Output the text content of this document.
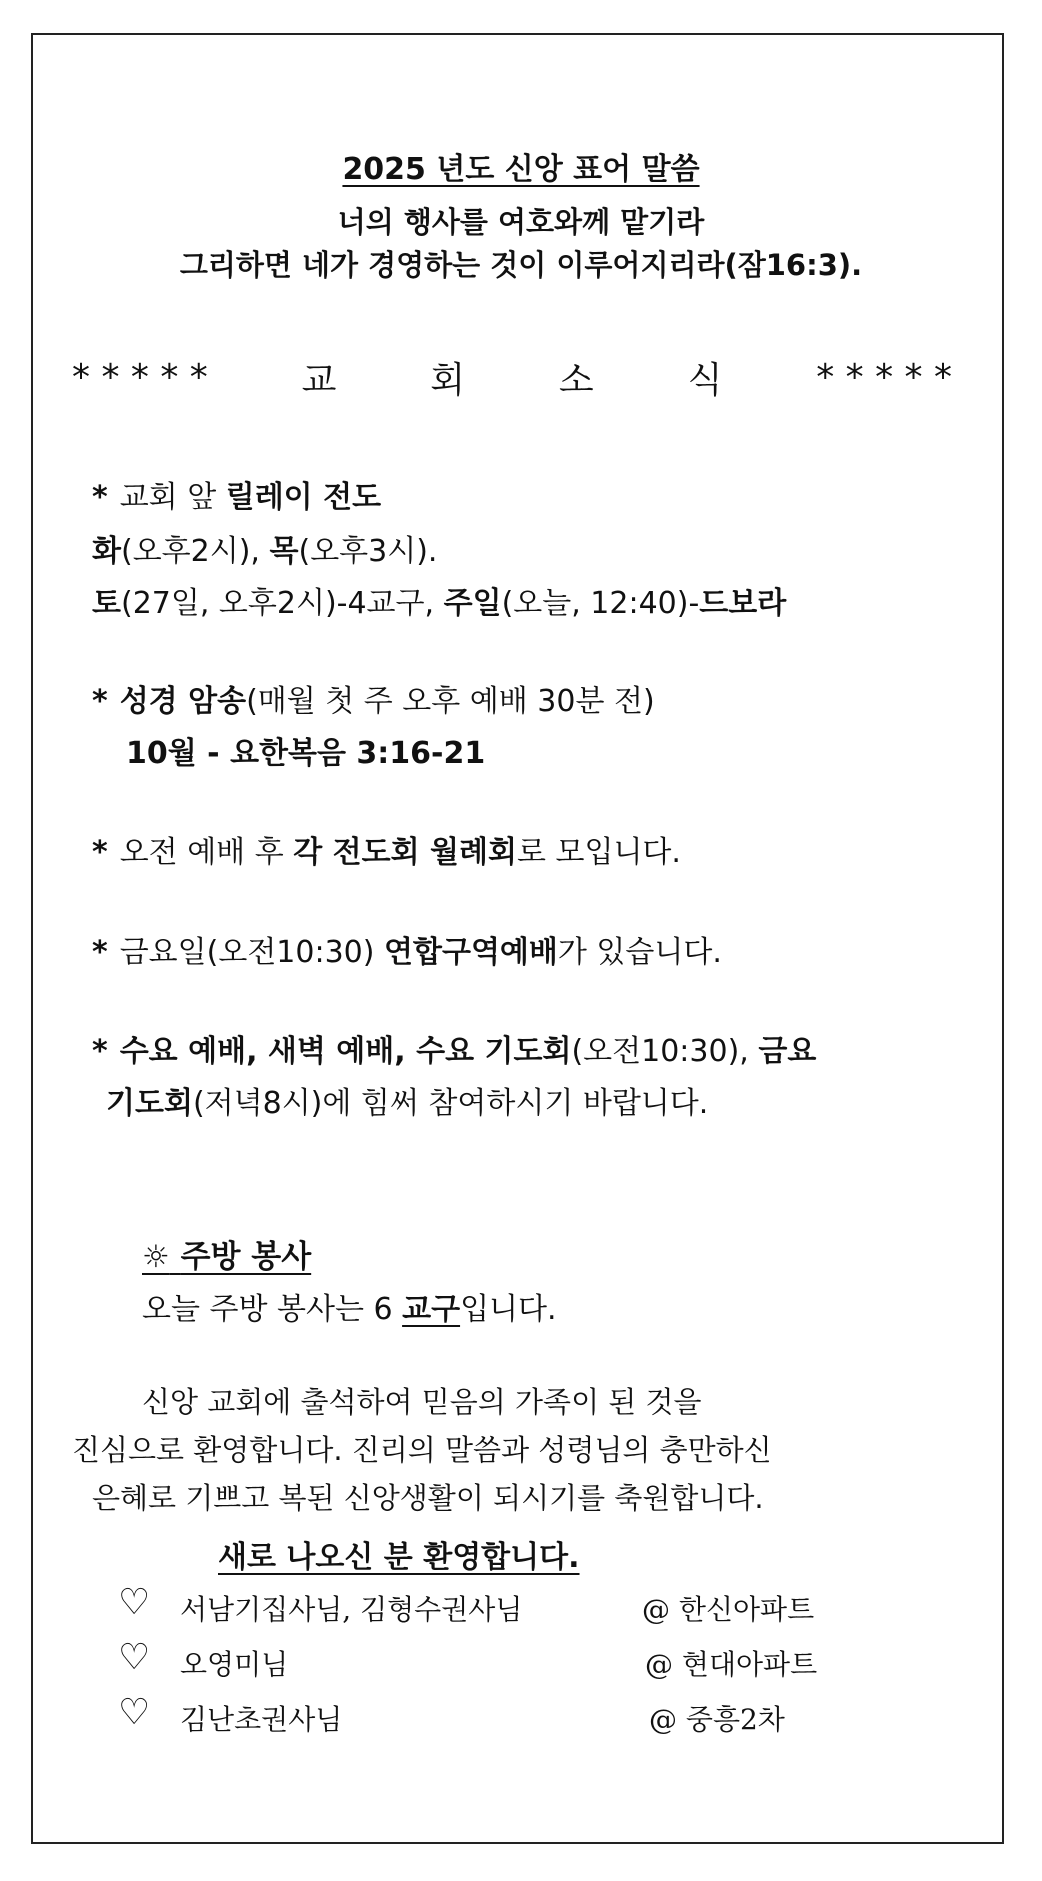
2025 년도 신앙 표어 말씀
너의 행사를 여호와께 맡기라
그리하면 네가 경영하는 것이 이루어지리라(잠16:3).
* * * * *	교	회	소	식	* * * * *
* 교회 앞 릴레이 전도
화(오후2시), 목(오후3시).
토(27일, 오후2시)-4교구, 주일(오늘, 12:40)-드보라
* 성경 암송(매월 첫 주 오후 예배 30분 전)
10월 - 요한복음 3:16-21
* 오전 예배 후 각 전도회 월례회로 모입니다.
* 금요일(오전10:30) 연합구역예배가 있습니다.
* 수요 예배, 새벽 예배, 수요 기도회(오전10:30), 금요
기도회(저녁8시)에 힘써 참여하시기 바랍니다.
☼ 주방 봉사
오늘 주방 봉사는 6 교구입니다.
신앙 교회에 출석하여 믿음의 가족이 된 것을
진심으로 환영합니다. 진리의 말씀과 성령님의 충만하신
은혜로 기쁘고 복된 신앙생활이 되시기를 축원합니다.
새로 나오신 분 환영합니다.
♡ 서남기집사님, 김형수권사님	@ 한신아파트
♡ 오영미님	@ 현대아파트
♡ 김난초권사님	@ 중흥2차
